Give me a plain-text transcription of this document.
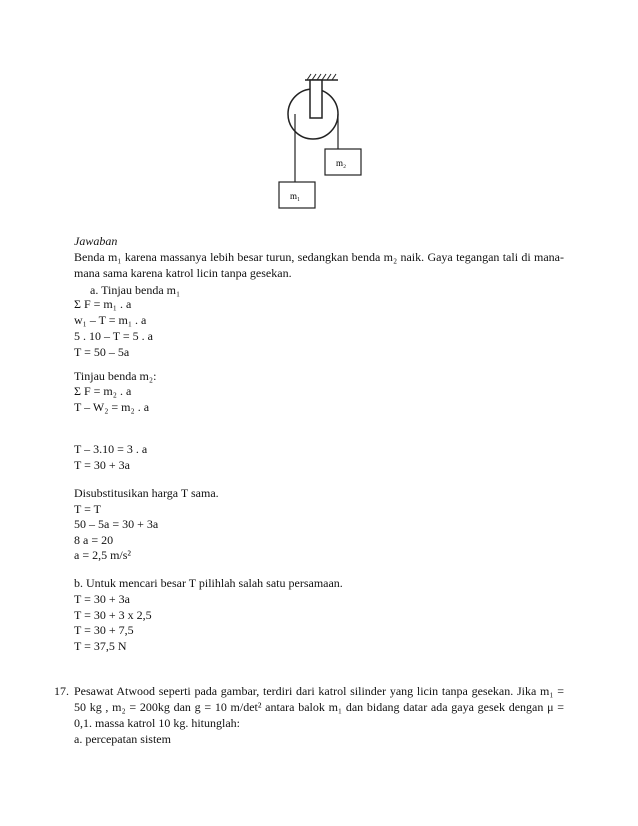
m₁
m₂
Jawaban
Benda m₁ karena massanya lebih besar turun, sedangkan benda m₂ naik. Gaya tegangan tali di mana-mana sama karena katrol licin tanpa gesekan.
a. Tinjau benda m₁
Σ F = m₁ . a
w₁ – T = m₁ . a
5 . 10 – T = 5 . a
T = 50 – 5a
Tinjau benda m₂:
Σ F = m₂ . a
T – W₂ = m₂ . a
T – 3.10 = 3 . a
T = 30 + 3a
Disubstitusikan harga T sama.
T = T
50 – 5a = 30 + 3a
8 a = 20
a = 2,5 m/s²
b. Untuk mencari besar T pilihlah salah satu persamaan.
T = 30 + 3a
T = 30 + 3 x 2,5
T = 30 + 7,5
T = 37,5 N
17. Pesawat Atwood seperti pada gambar, terdiri dari katrol silinder yang licin tanpa gesekan. Jika m₁ = 50 kg , m₂ = 200kg dan g = 10 m/det² antara balok m₁ dan bidang datar ada gaya gesek dengan μ = 0,1. massa katrol 10 kg. hitunglah:
a. percepatan sistem
